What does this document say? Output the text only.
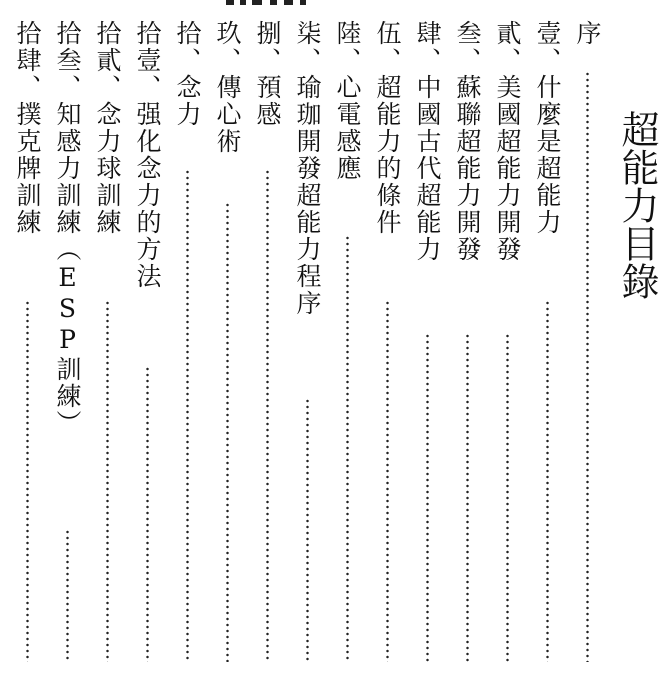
超能力目錄
序
壹、什麼是超能力
貳、美國超能力開發
叁、蘇聯超能力開發
肆、中國古代超能力
伍、超能力的條件
陸、心電感應
柒、瑜珈開發超能力程序
捌、預感
玖、傳心術
拾、念力
拾壹、强化念力的方法
拾貳、念力球訓練
拾叁、知感力訓練（ESP訓練）
拾肆、撲克牌訓練
